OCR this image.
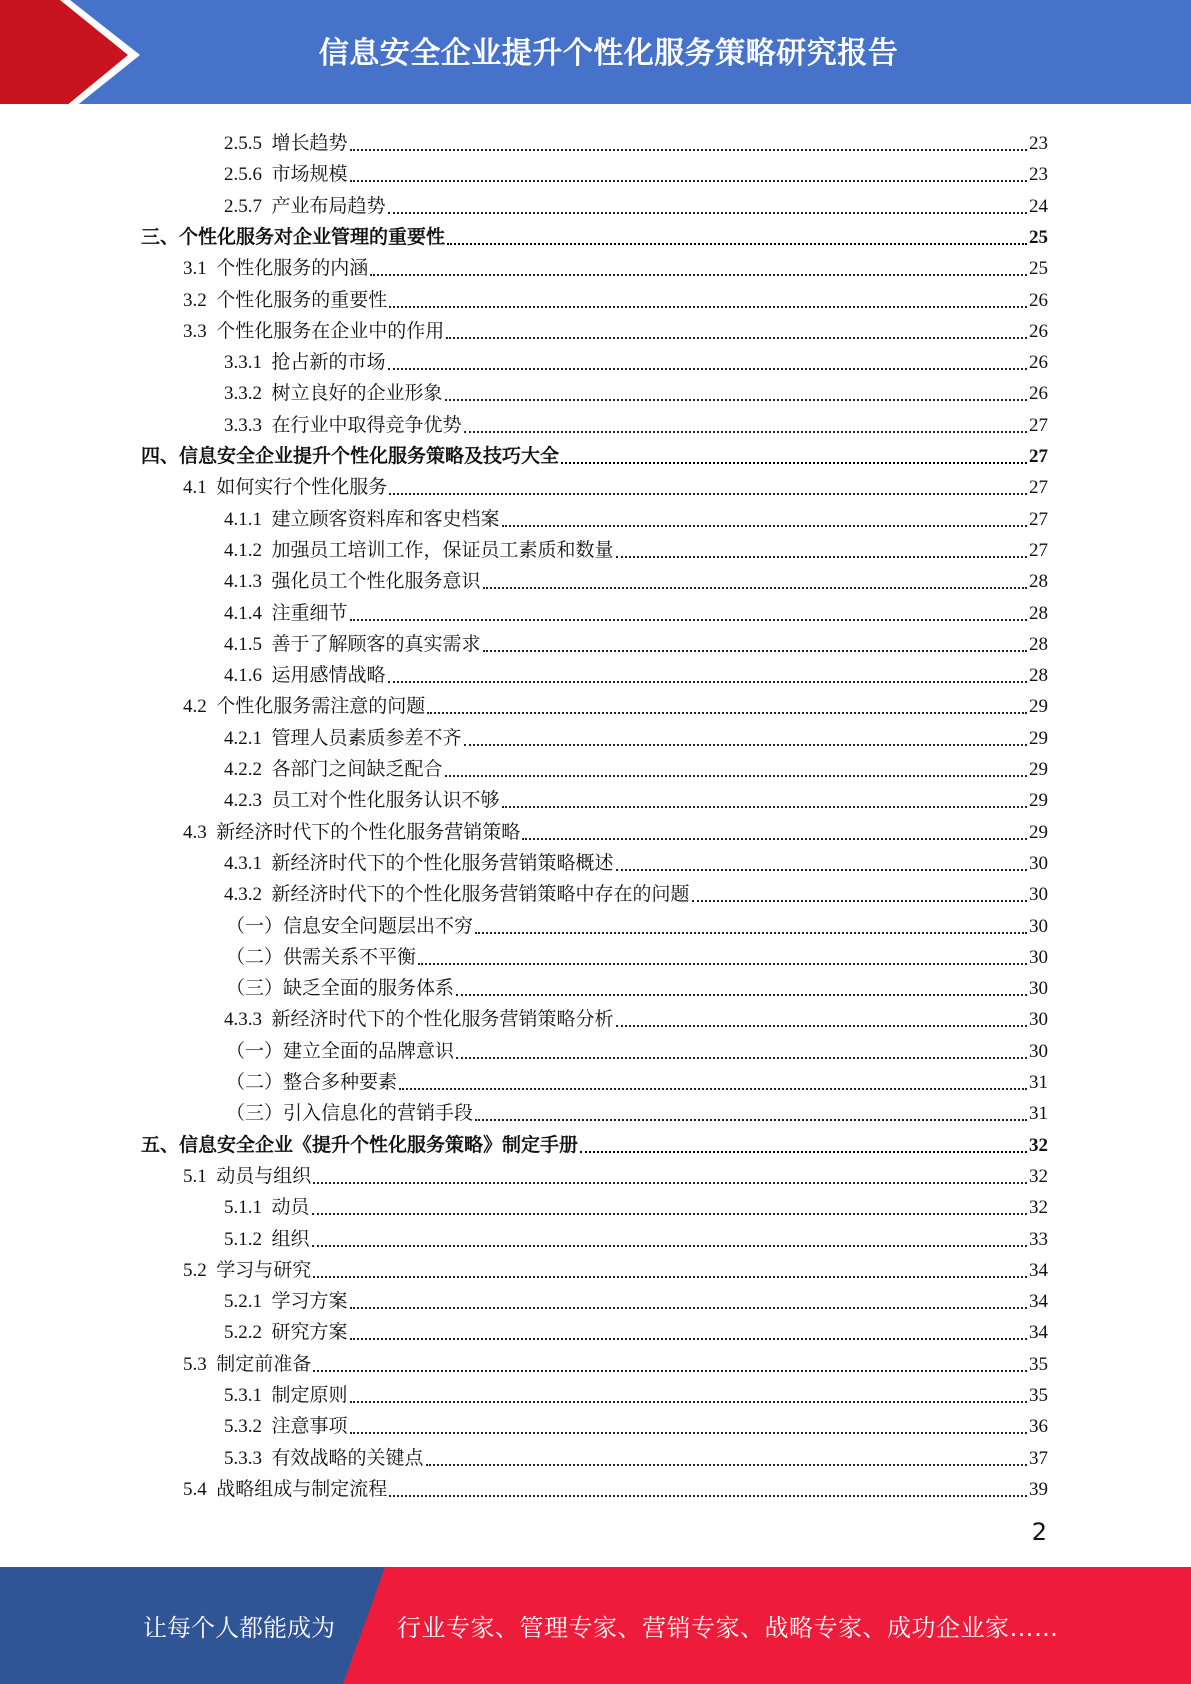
信息安全企业提升个性化服务策略研究报告
2.5.5  增长趋势	23
2.5.6  市场规模	23
2.5.7  产业布局趋势	24
三、个性化服务对企业管理的重要性	25
3.1  个性化服务的内涵	25
3.2  个性化服务的重要性	26
3.3  个性化服务在企业中的作用	26
3.3.1  抢占新的市场	26
3.3.2  树立良好的企业形象	26
3.3.3  在行业中取得竞争优势	27
四、信息安全企业提升个性化服务策略及技巧大全	27
4.1  如何实行个性化服务	27
4.1.1  建立顾客资料库和客史档案	27
4.1.2  加强员工培训工作，保证员工素质和数量	27
4.1.3  强化员工个性化服务意识	28
4.1.4  注重细节	28
4.1.5  善于了解顾客的真实需求	28
4.1.6  运用感情战略	28
4.2  个性化服务需注意的问题	29
4.2.1  管理人员素质参差不齐	29
4.2.2  各部门之间缺乏配合	29
4.2.3  员工对个性化服务认识不够	29
4.3  新经济时代下的个性化服务营销策略	29
4.3.1  新经济时代下的个性化服务营销策略概述	30
4.3.2  新经济时代下的个性化服务营销策略中存在的问题	30
（一）信息安全问题层出不穷	30
（二）供需关系不平衡	30
（三）缺乏全面的服务体系	30
4.3.3  新经济时代下的个性化服务营销策略分析	30
（一）建立全面的品牌意识	30
（二）整合多种要素	31
（三）引入信息化的营销手段	31
五、信息安全企业《提升个性化服务策略》制定手册	32
5.1  动员与组织	32
5.1.1  动员	32
5.1.2  组织	33
5.2  学习与研究	34
5.2.1  学习方案	34
5.2.2  研究方案	34
5.3  制定前准备	35
5.3.1  制定原则	35
5.3.2  注意事项	36
5.3.3  有效战略的关键点	37
5.4  战略组成与制定流程	39
2
让每个人都能成为	行业专家、管理专家、营销专家、战略专家、成功企业家……
